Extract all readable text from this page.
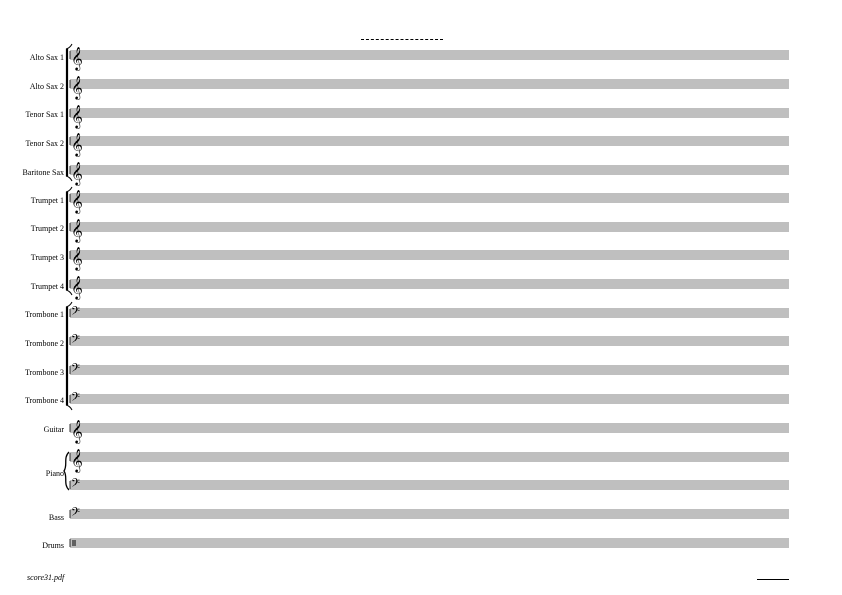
𝄞
𝄞
𝄞
𝄞
𝄞
𝄞
𝄞
𝄞
𝄞
𝄢
𝄢
𝄢
𝄢
𝄞
𝄞
𝄢
𝄢
Alto Sax 1
Alto Sax 2
Tenor Sax 1
Tenor Sax 2
Baritone Sax
Trumpet 1
Trumpet 2
Trumpet 3
Trumpet 4
Trombone 1
Trombone 2
Trombone 3
Trombone 4
Guitar
Piano
Bass
Drums
score31.pdf
